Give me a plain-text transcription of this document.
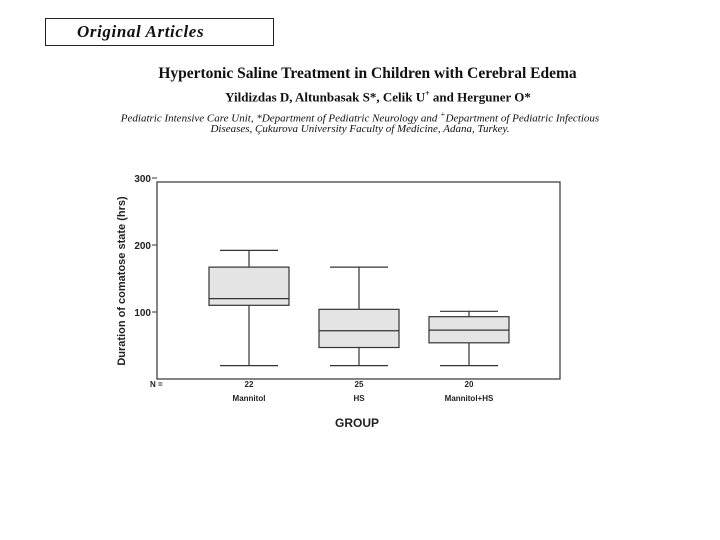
Original Articles
Hypertonic Saline Treatment in Children with Cerebral Edema
Yildizdas D, Altunbasak S*, Celik U+ and Herguner O*
Pediatric Intensive Care Unit, *Department of Pediatric Neurology and +Department of Pediatric Infectious
Diseases, Çukurova University Faculty of Medicine, Adana, Turkey.
300
200
100
Duration of comatose state (hrs)
N =	22
Mannitol
25
HS
20
Mannitol+HS
GROUP
